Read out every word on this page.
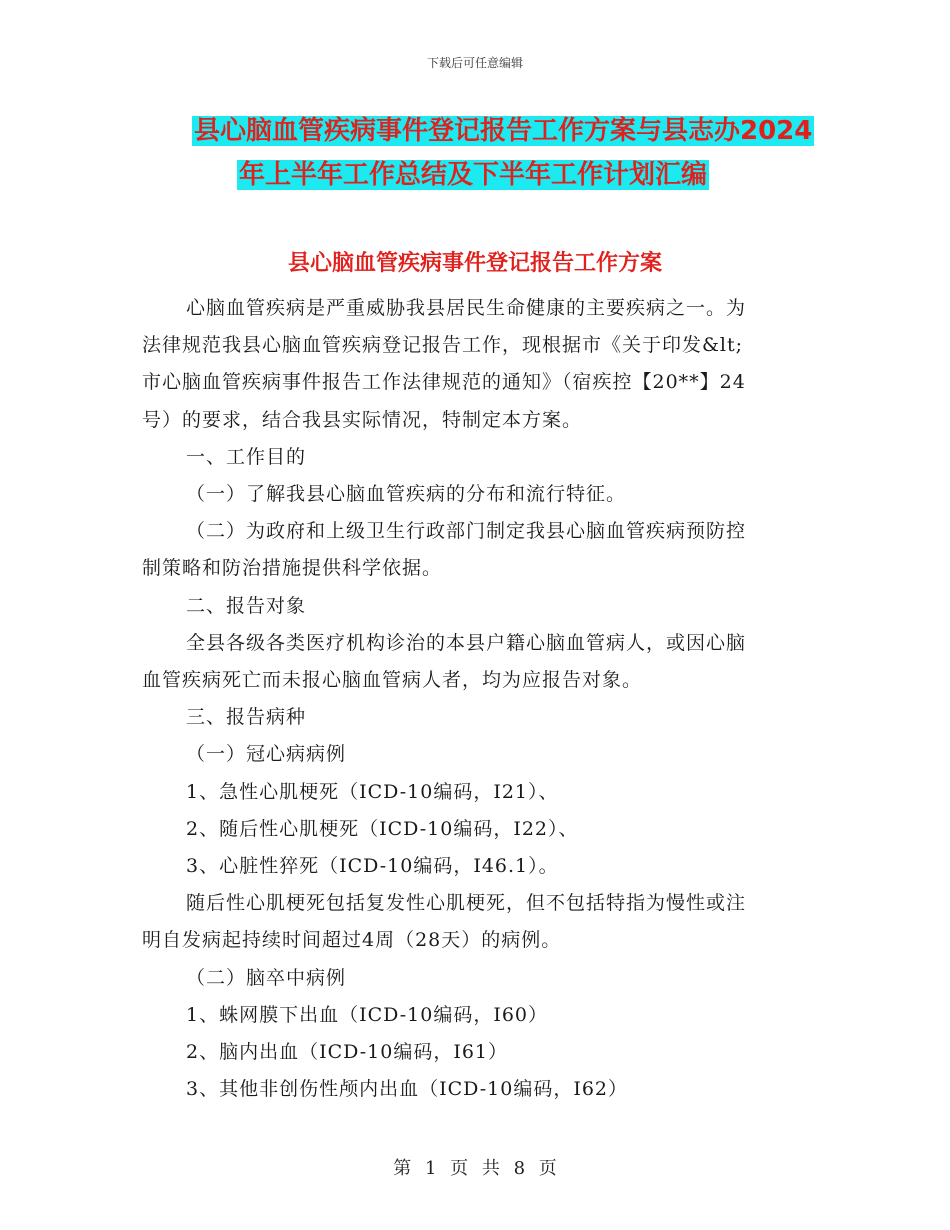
下载后可任意编辑
县心脑血管疾病事件登记报告工作方案与县志办2024
年上半年工作总结及下半年工作计划汇编
县心脑血管疾病事件登记报告工作方案

心脑血管疾病是严重威胁我县居民生命健康的主要疾病之一。为

法律规范我县心脑血管疾病登记报告工作，现根据市《关于印发&lt;

市心脑血管疾病事件报告工作法律规范的通知》（宿疾控【20**】24

号）的要求，结合我县实际情况，特制定本方案。

一、工作目的

（一）了解我县心脑血管疾病的分布和流行特征。

（二）为政府和上级卫生行政部门制定我县心脑血管疾病预防控

制策略和防治措施提供科学依据。

二、报告对象

全县各级各类医疗机构诊治的本县户籍心脑血管病人，或因心脑

血管疾病死亡而未报心脑血管病人者，均为应报告对象。

三、报告病种

（一）冠心病病例

1、急性心肌梗死（ICD-10编码，I21）、

2、随后性心肌梗死（ICD-10编码，I22）、

3、心脏性猝死（ICD-10编码，I46.1）。

随后性心肌梗死包括复发性心肌梗死，但不包括特指为慢性或注

明自发病起持续时间超过4周（28天）的病例。

（二）脑卒中病例

1、蛛网膜下出血（ICD-10编码，I60）

2、脑内出血（ICD-10编码，I61）

3、其他非创伤性颅内出血（ICD-10编码，I62）

第 1 页 共 8 页
